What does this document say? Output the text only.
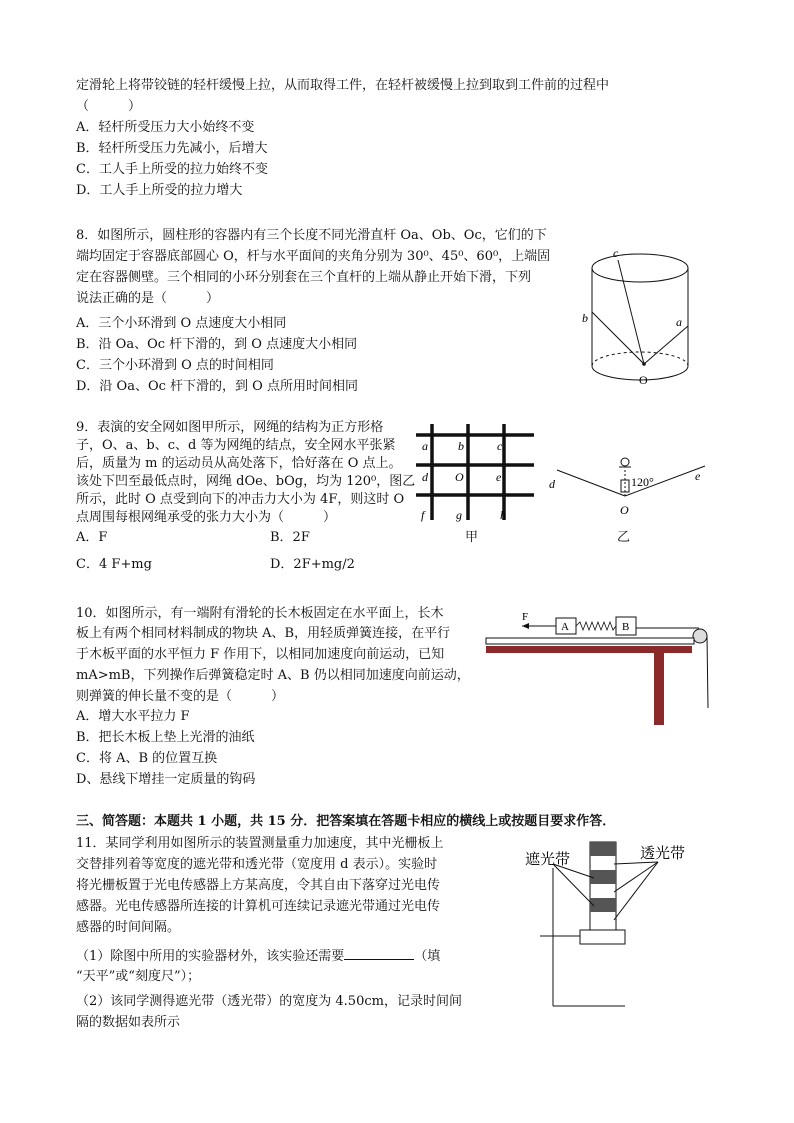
定滑轮上将带铰链的轻杆缓慢上拉，从而取得工件，在轻杆被缓慢上拉到取到工件前的过程中
（　　　）
A．轻杆所受压力大小始终不变
B．轻杆所受压力先减小，后增大
C．工人手上所受的拉力始终不变
D．工人手上所受的拉力增大
8．如图所示，圆柱形的容器内有三个长度不同光滑直杆 Oa、Ob、Oc，它们的下
端均固定于容器底部圆心 O，杆与水平面间的夹角分别为 30⁰、45⁰、60⁰，上端固
定在容器侧壁。三个相同的小环分别套在三个直杆的上端从静止开始下滑，下列
说法正确的是（　　　）
A．三个小环滑到 O 点速度大小相同
B．沿 Oa、Oc 杆下滑的，到 O 点速度大小相同
C．三个小环滑到 O 点的时间相同
D．沿 Oa、Oc 杆下滑的，到 O 点所用时间相同
c
b	a
O
9．表演的安全网如图甲所示，网绳的结构为正方形格
子，O、a、b、c、d 等为网绳的结点，安全网水平张紧
后，质量为 m 的运动员从高处落下，恰好落在 O 点上。
该处下凹至最低点时，网绳 dOe、bOg，均为 120⁰，图乙
所示，此时 O 点受到向下的冲击力大小为 4F，则这时 O
点周围每根网绳承受的张力大小为（　　　）
A．F	B．2F	甲	乙
C．4 F+mg	D．2F+mg/2
a	b	c
d O	e
f	g	h
d
e
O
120°
10．如图所示，有一端附有滑轮的长木板固定在水平面上，长木
板上有两个相同材料制成的物块 A、B，用轻质弹簧连接，在平行
于木板平面的水平恒力 F 作用下，以相同加速度向前运动，已知
mA>mB，下列操作后弹簧稳定时 A、B 仍以相同加速度向前运动，
则弹簧的伸长量不变的是（　　　）
A．增大水平拉力 F
B．把长木板上垫上光滑的油纸
C．将 A、B 的位置互换
D、悬线下增挂一定质量的钩码
F
A	B
三、简答题：本题共 1 小题，共 15 分．把答案填在答题卡相应的横线上或按题目要求作答．
11．某同学利用如图所示的装置测量重力加速度，其中光栅板上
交替排列着等宽度的遮光带和透光带（宽度用 d 表示）。实验时
将光栅板置于光电传感器上方某高度，令其自由下落穿过光电传
感器。光电传感器所连接的计算机可连续记录遮光带通过光电传
感器的时间间隔。
（1）除图中所用的实验器材外，该实验还需要	（填
“天平”或“刻度尺”）；
（2）该同学测得遮光带（透光带）的宽度为 4.50cm，记录时间间
隔的数据如表所示
遮光带	透光带
